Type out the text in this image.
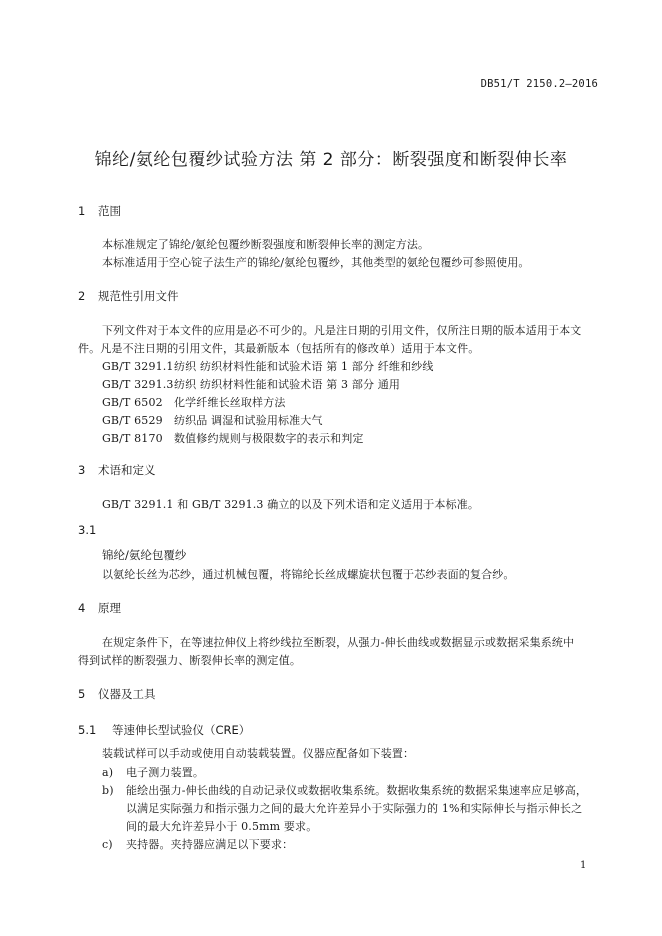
DB51/T 2150.2—2016
锦纶/氨纶包覆纱试验方法 第 2 部分：断裂强度和断裂伸长率
1 范围
本标准规定了锦纶/氨纶包覆纱断裂强度和断裂伸长率的测定方法。
本标准适用于空心锭子法生产的锦纶/氨纶包覆纱，其他类型的氨纶包覆纱可参照使用。
2 规范性引用文件
下列文件对于本文件的应用是必不可少的。凡是注日期的引用文件，仅所注日期的版本适用于本文
件。凡是不注日期的引用文件，其最新版本（包括所有的修改单）适用于本文件。
GB/T 3291.1纺织 纺织材料性能和试验术语 第 1 部分 纤维和纱线
GB/T 3291.3纺织 纺织材料性能和试验术语 第 3 部分 通用
GB/T 6502 化学纤维长丝取样方法
GB/T 6529 纺织品 调湿和试验用标准大气
GB/T 8170 数值修约规则与极限数字的表示和判定
3 术语和定义
GB/T 3291.1 和 GB/T 3291.3 确立的以及下列术语和定义适用于本标准。
3.1
锦纶/氨纶包覆纱
以氨纶长丝为芯纱，通过机械包覆，将锦纶长丝成螺旋状包覆于芯纱表面的复合纱。
4 原理
在规定条件下，在等速拉伸仪上将纱线拉至断裂，从强力-伸长曲线或数据显示或数据采集系统中
得到试样的断裂强力、断裂伸长率的测定值。
5 仪器及工具
5.1 等速伸长型试验仪（CRE）
装载试样可以手动或使用自动装载装置。仪器应配备如下装置：
a) 电子测力装置。
b) 能绘出强力-伸长曲线的自动记录仪或数据收集系统。数据收集系统的数据采集速率应足够高，
以满足实际强力和指示强力之间的最大允许差异小于实际强力的 1%和实际伸长与指示伸长之
间的最大允许差异小于 0.5mm 要求。
c) 夹持器。夹持器应满足以下要求：
1
